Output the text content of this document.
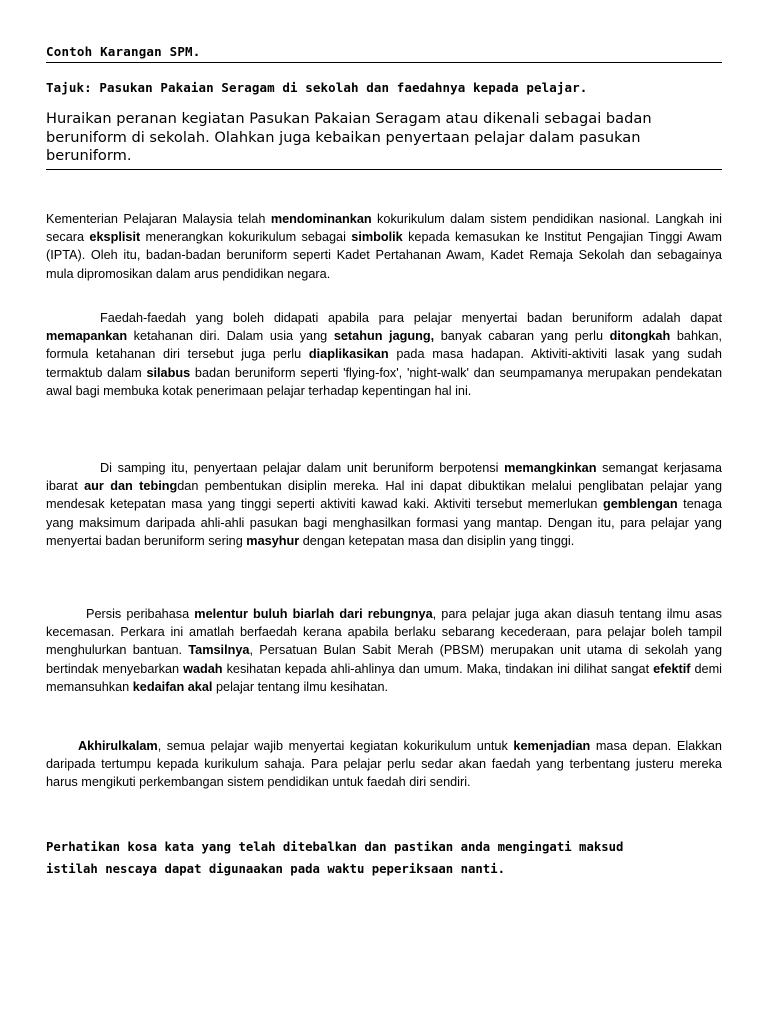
Contoh Karangan SPM.
Tajuk: Pasukan Pakaian Seragam di sekolah dan faedahnya kepada pelajar.
Huraikan peranan kegiatan Pasukan Pakaian Seragam atau dikenali sebagai badan beruniform di sekolah. Olahkan juga kebaikan penyertaan pelajar dalam pasukan beruniform.

Kementerian Pelajaran Malaysia telah mendominankan kokurikulum dalam sistem pendidikan nasional. Langkah ini secara eksplisit menerangkan kokurikulum sebagai simbolik kepada kemasukan ke Institut Pengajian Tinggi Awam (IPTA). Oleh itu, badan-badan beruniform seperti Kadet Pertahanan Awam, Kadet Remaja Sekolah dan sebagainya mula dipromosikan dalam arus pendidikan negara.

Faedah-faedah yang boleh didapati apabila para pelajar menyertai badan beruniform adalah dapat memapankan ketahanan diri. Dalam usia yang setahun jagung, banyak cabaran yang perlu ditongkah bahkan, formula ketahanan diri tersebut juga perlu diaplikasikan pada masa hadapan. Aktiviti-aktiviti lasak yang sudah termaktub dalam silabus badan beruniform seperti 'flying-fox', 'night-walk' dan seumpamanya merupakan pendekatan awal bagi membuka kotak penerimaan pelajar terhadap kepentingan hal ini.

Di samping itu, penyertaan pelajar dalam unit beruniform berpotensi memangkinkan semangat kerjasama ibarat aur dan tebingdan pembentukan disiplin mereka. Hal ini dapat dibuktikan melalui penglibatan pelajar yang mendesak ketepatan masa yang tinggi seperti aktiviti kawad kaki. Aktiviti tersebut memerlukan gemblengan tenaga yang maksimum daripada ahli-ahli pasukan bagi menghasilkan formasi yang mantap. Dengan itu, para pelajar yang menyertai badan beruniform sering masyhur dengan ketepatan masa dan disiplin yang tinggi.

Persis peribahasa melentur buluh biarlah dari rebungnya, para pelajar juga akan diasuh tentang ilmu asas kecemasan. Perkara ini amatlah berfaedah kerana apabila berlaku sebarang kecederaan, para pelajar boleh tampil menghulurkan bantuan. Tamsilnya, Persatuan Bulan Sabit Merah (PBSM) merupakan unit utama di sekolah yang bertindak menyebarkan wadah kesihatan kepada ahli-ahlinya dan umum. Maka, tindakan ini dilihat sangat efektif demi memansuhkan kedaifan akal pelajar tentang ilmu kesihatan.

Akhirulkalam, semua pelajar wajib menyertai kegiatan kokurikulum untuk kemenjadian masa depan. Elakkan daripada tertumpu kepada kurikulum sahaja. Para pelajar perlu sedar akan faedah yang terbentang justeru mereka harus mengikuti perkembangan sistem pendidikan untuk faedah diri sendiri.

Perhatikan kosa kata yang telah ditebalkan dan pastikan anda mengingati maksud
istilah nescaya dapat digunaakan pada waktu peperiksaan nanti.
